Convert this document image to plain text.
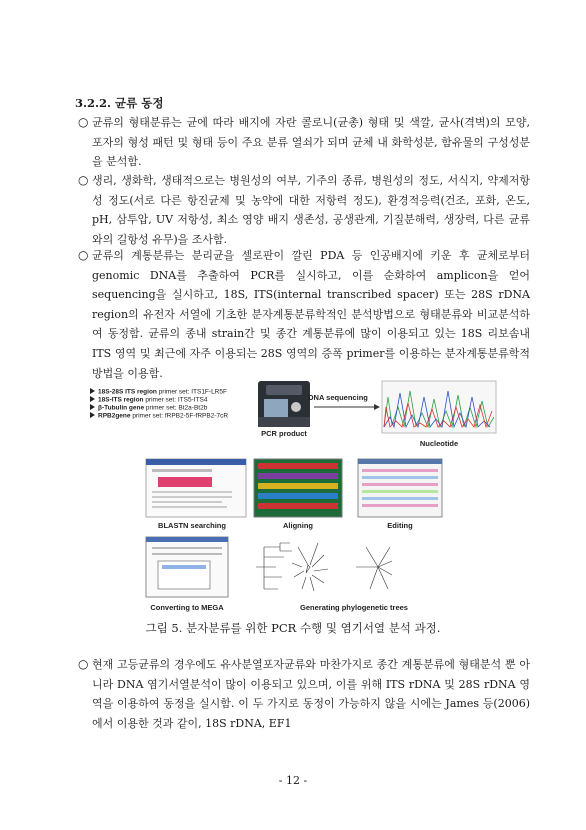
3.2.2. 균류 동정
○ 균류의 형태분류는 균에 따라 배지에 자란 콜로니(균총) 형태 및 색깔, 균사(격벽)의 모양, 포자의 형성 패턴 및 형태 등이 주요 분류 열쇠가 되며 균체 내 화학성분, 함유물의 구성성분을 분석함.
○ 생리, 생화학, 생태적으로는 병원성의 여부, 기주의 종류, 병원성의 정도, 서식지, 약제저항성 정도(서로 다른 항진균제 및 농약에 대한 저항력 정도), 환경적응력(건조, 포화, 온도, pH, 삼투압, UV 저항성, 최소 영양 배지 생존성, 공생관계, 기질분해력, 생장력, 다른 균류와의 길항성 유무)을 조사함.
○ 균류의 계통분류는 분리균을 셀로판이 깔린 PDA 등 인공배지에 키운 후 균체로부터 genomic DNA를 추출하여 PCR를 실시하고, 이를 순화하여 amplicon을 얻어 sequencing을 실시하고, 18S, ITS(internal transcribed spacer) 또는 28S rDNA region의 유전자 서열에 기초한 분자계통분류학적인 분석방법으로 형태분류와 비교분석하여 동정함. 균류의 종내 strain간 및 종간 계통분류에 많이 이용되고 있는 18S 리보솜내 ITS 영역 및 최근에 자주 이용되는 28S 영역의 증폭 primer를 이용하는 분자계통분류학적 방법을 이용함.
18S-28S ITS region primer set: ITS1F-LR5F
18S-ITS region primer set: ITS5-ITS4
β-Tubulin gene primer set: Bt2a-Bt2b
RPB2gene primer set: fRPB2-5F-fRPB2-7cR
PCR product
DNA sequencing
Nucleotide
BLASTN searching	Aligning	Editing
Converting to MEGA	Generating phylogenetic trees
그림 5. 분자분류를 위한 PCR 수행 및 염기서열 분석 과정.
○ 현재 고등균류의 경우에도 유사분열포자균류와 마찬가지로 종간 계통분류에 형태분석 뿐 아니라 DNA 염기서열분석이 많이 이용되고 있으며, 이를 위해 ITS rDNA 및 28S rDNA 영역을 이용하여 동정을 실시함. 이 두 가지로 동정이 가능하지 않을 시에는 James 등(2006)에서 이용한 것과 같이, 18S rDNA, EF1
- 12 -
